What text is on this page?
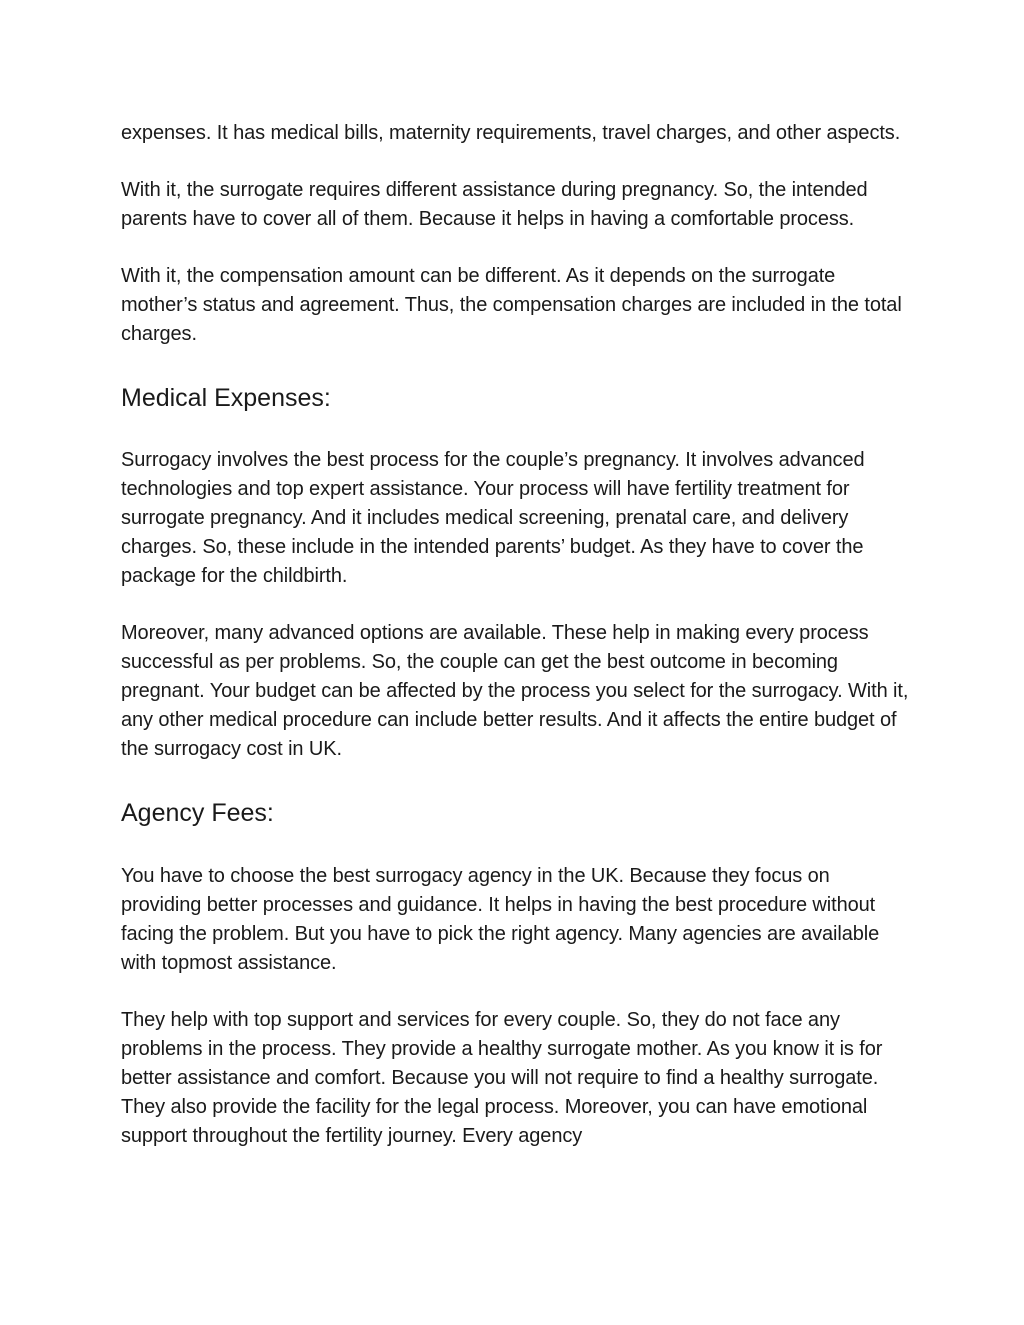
expenses. It has medical bills, maternity requirements, travel charges, and other aspects.

With it, the surrogate requires different assistance during pregnancy. So, the intended parents have to cover all of them. Because it helps in having a comfortable process.

With it, the compensation amount can be different. As it depends on the surrogate mother’s status and agreement. Thus, the compensation charges are included in the total charges.

Medical Expenses:

Surrogacy involves the best process for the couple’s pregnancy. It involves advanced technologies and top expert assistance. Your process will have fertility treatment for surrogate pregnancy. And it includes medical screening, prenatal care, and delivery charges. So, these include in the intended parents’ budget. As they have to cover the package for the childbirth.

Moreover, many advanced options are available. These help in making every process successful as per problems. So, the couple can get the best outcome in becoming pregnant. Your budget can be affected by the process you select for the surrogacy. With it, any other medical procedure can include better results. And it affects the entire budget of the surrogacy cost in UK.

Agency Fees:

You have to choose the best surrogacy agency in the UK. Because they focus on providing better processes and guidance. It helps in having the best procedure without facing the problem. But you have to pick the right agency. Many agencies are available with topmost assistance.

They help with top support and services for every couple. So, they do not face any problems in the process. They provide a healthy surrogate mother. As you know it is for better assistance and comfort. Because you will not require to find a healthy surrogate. They also provide the facility for the legal process. Moreover, you can have emotional support throughout the fertility journey. Every agency
